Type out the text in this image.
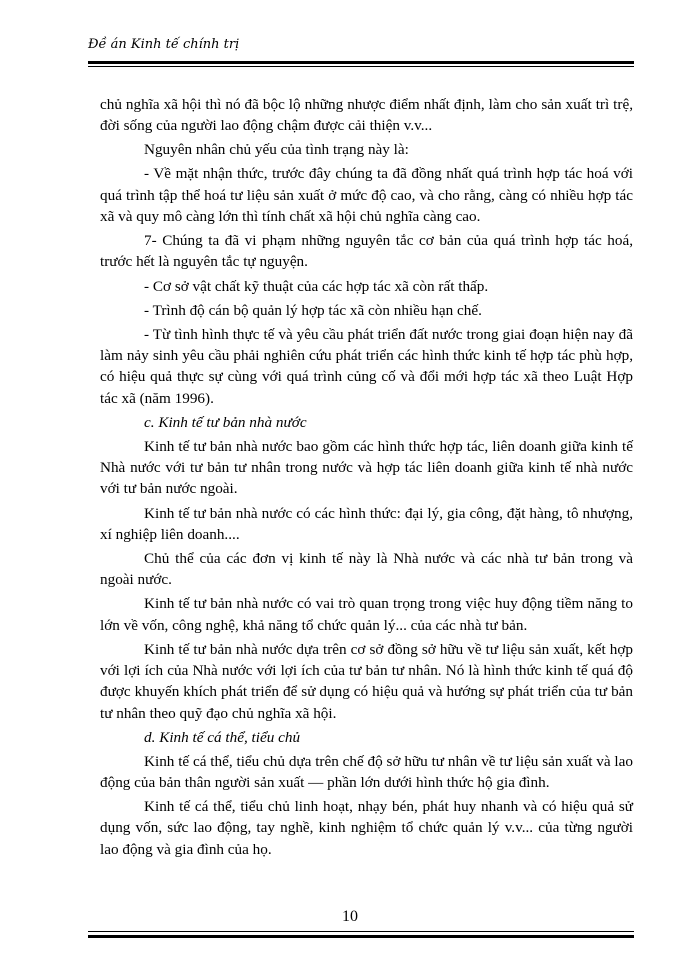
Đề án Kinh tế chính trị

chủ nghĩa xã hội thì nó đã bộc lộ những nhược điểm nhất định, làm cho sản xuất trì trệ, đời sống của người lao động chậm được cải thiện v.v...

Nguyên nhân chủ yếu của tình trạng này là:

- Về mặt nhận thức, trước đây chúng ta đã đồng nhất quá trình hợp tác hoá với quá trình tập thể hoá tư liệu sản xuất ở mức độ cao, và cho rằng, càng có nhiều hợp tác xã và quy mô càng lớn thì tính chất xã hội chủ nghĩa càng cao.

7- Chúng ta đã vi phạm những nguyên tắc cơ bản của quá trình hợp tác hoá, trước hết là nguyên tắc tự nguyện.

- Cơ sở vật chất kỹ thuật của các hợp tác xã còn rất thấp.

- Trình độ cán bộ quản lý hợp tác xã còn nhiều hạn chế.

- Từ tình hình thực tế và yêu cầu phát triển đất nước trong giai đoạn hiện nay đã làm nảy sinh yêu cầu phải nghiên cứu phát triển các hình thức kinh tế hợp tác phù hợp, có hiệu quả thực sự cùng với quá trình củng cố và đổi mới hợp tác xã theo Luật Hợp tác xã (năm 1996).

c. Kinh tế tư bản nhà nước

Kinh tế tư bản nhà nước bao gồm các hình thức hợp tác, liên doanh giữa kinh tế Nhà nước với tư bản tư nhân trong nước và hợp tác liên doanh giữa kinh tế nhà nước với tư bản nước ngoài.

Kinh tế tư bản nhà nước có các hình thức: đại lý, gia công, đặt hàng, tô nhượng, xí nghiệp liên doanh....

Chủ thể của các đơn vị kinh tế này là Nhà nước và các nhà tư bản trong và ngoài nước.

Kinh tế tư bản nhà nước có vai trò quan trọng trong việc huy động tiềm năng to lớn về vốn, công nghệ, khả năng tổ chức quản lý... của các nhà tư bản.

Kinh tế tư bản nhà nước dựa trên cơ sở đồng sở hữu về tư liệu sản xuất, kết hợp với lợi ích của Nhà nước với lợi ích của tư bản tư nhân. Nó là hình thức kinh tế quá độ được khuyến khích phát triển để sử dụng có hiệu quả và hướng sự phát triển của tư bản tư nhân theo quỹ đạo chủ nghĩa xã hội.

d. Kinh tế cá thể, tiểu chủ

Kinh tế cá thể, tiểu chủ dựa trên chế độ sở hữu tư nhân về tư liệu sản xuất và lao động của bản thân người sản xuất — phần lớn dưới hình thức hộ gia đình.

Kinh tế cá thể, tiểu chủ linh hoạt, nhạy bén, phát huy nhanh và có hiệu quả sử dụng vốn, sức lao động, tay nghề, kinh nghiệm tổ chức quản lý v.v... của từng người lao động và gia đình của họ.

10
